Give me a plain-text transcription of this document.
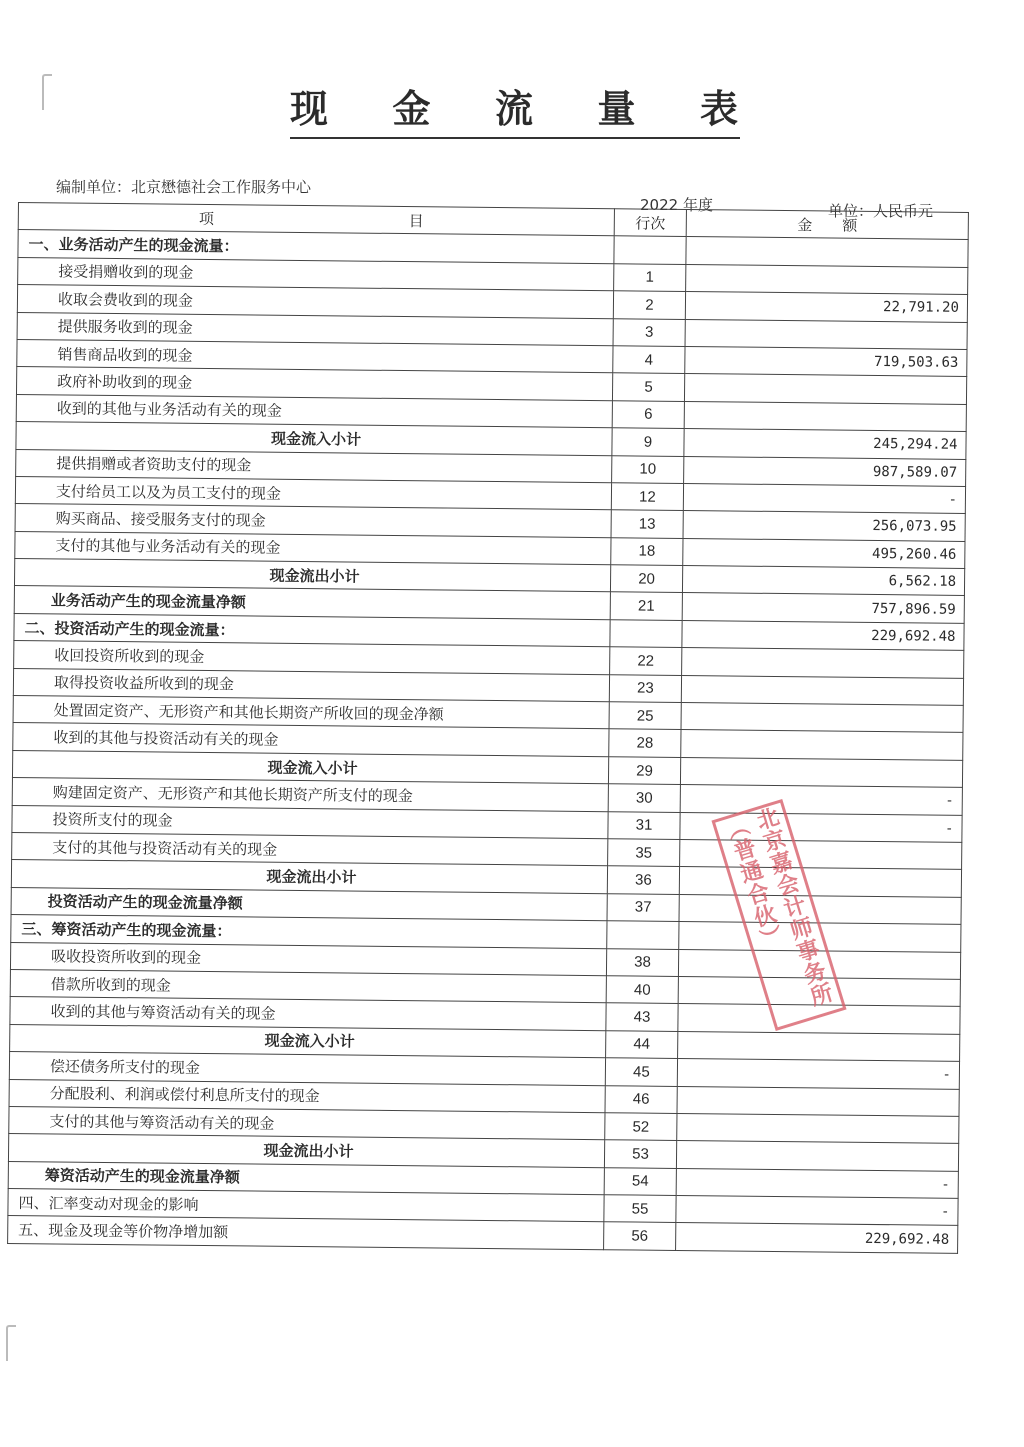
现 金 流 量 表
编制单位：北京懋德社会工作服务中心
2022 年度	单位：人民币元
项 目	行次	金　　额
一、业务活动产生的现金流量：		
接受捐赠收到的现金	1	
收取会费收到的现金	2	22,791.20
提供服务收到的现金	3	
销售商品收到的现金	4	719,503.63
政府补助收到的现金	5	
收到的其他与业务活动有关的现金	6	
现金流入小计	9	245,294.24
提供捐赠或者资助支付的现金	10	987,589.07
支付给员工以及为员工支付的现金	12	-
购买商品、接受服务支付的现金	13	256,073.95
支付的其他与业务活动有关的现金	18	495,260.46
现金流出小计	20	6,562.18
业务活动产生的现金流量净额	21	757,896.59
二、投资活动产生的现金流量：		229,692.48
收回投资所收到的现金	22	
取得投资收益所收到的现金	23	
处置固定资产、无形资产和其他长期资产所收回的现金净额	25	
收到的其他与投资活动有关的现金	28	
现金流入小计	29	
购建固定资产、无形资产和其他长期资产所支付的现金	30	-
投资所支付的现金	31	-
支付的其他与投资活动有关的现金	35	
现金流出小计	36	
投资活动产生的现金流量净额	37	
三、筹资活动产生的现金流量：		
吸收投资所收到的现金	38	
借款所收到的现金	40	
收到的其他与筹资活动有关的现金	43	
现金流入小计	44	
偿还债务所支付的现金	45	-
分配股利、利润或偿付利息所支付的现金	46	
支付的其他与筹资活动有关的现金	52	
现金流出小计	53	
筹资活动产生的现金流量净额	54	-
四、汇率变动对现金的影响	55	-
五、现金及现金等价物净增加额	56	229,692.48
北京嘉会计师事务所（普通合伙）
